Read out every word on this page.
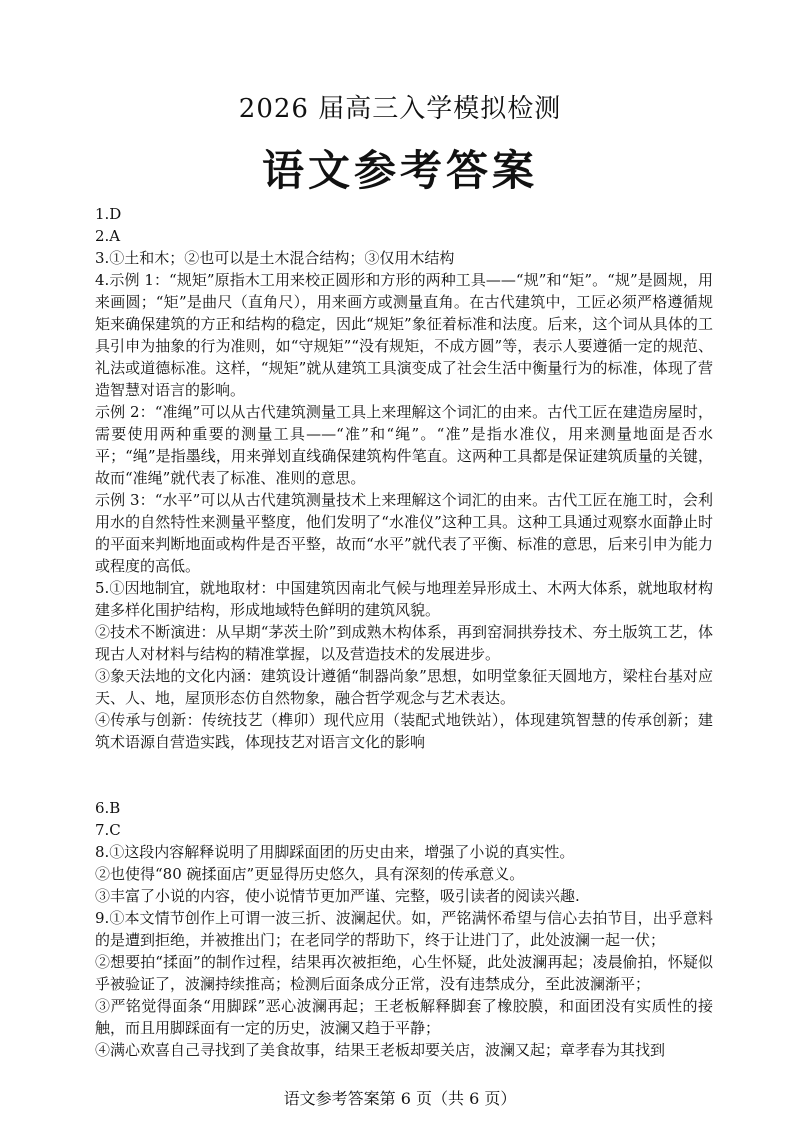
2026 届高三入学模拟检测
语文参考答案

1.D

2.A

3.①土和木；②也可以是土木混合结构；③仅用木结构

4.示例 1：“规矩”原指木工用来校正圆形和方形的两种工具——“规”和“矩”。“规”是圆规，用来画圆；“矩”是曲尺（直角尺），用来画方或测量直角。在古代建筑中，工匠必须严格遵循规矩来确保建筑的方正和结构的稳定，因此“规矩”象征着标准和法度。后来，这个词从具体的工具引申为抽象的行为准则，如“守规矩”“没有规矩，不成方圆”等，表示人要遵循一定的规范、礼法或道德标准。这样，“规矩”就从建筑工具演变成了社会生活中衡量行为的标准，体现了营造智慧对语言的影响。

示例 2：“准绳”可以从古代建筑测量工具上来理解这个词汇的由来。古代工匠在建造房屋时，需要使用两种重要的测量工具——“准”和“绳”。“准”是指水准仪，用来测量地面是否水平；“绳”是指墨线，用来弹划直线确保建筑构件笔直。这两种工具都是保证建筑质量的关键，故而“准绳”就代表了标准、准则的意思。

示例 3：“水平”可以从古代建筑测量技术上来理解这个词汇的由来。古代工匠在施工时，会利用水的自然特性来测量平整度，他们发明了“水准仪”这种工具。这种工具通过观察水面静止时的平面来判断地面或构件是否平整，故而“水平”就代表了平衡、标准的意思，后来引申为能力或程度的高低。

5.①因地制宜，就地取材：中国建筑因南北气候与地理差异形成土、木两大体系，就地取材构建多样化围护结构，形成地域特色鲜明的建筑风貌。

②技术不断演进：从早期“茅茨土阶”到成熟木构体系，再到窑洞拱券技术、夯土版筑工艺，体现古人对材料与结构的精准掌握，以及营造技术的发展进步。

③象天法地的文化内涵：建筑设计遵循“制器尚象”思想，如明堂象征天圆地方，梁柱台基对应天、人、地，屋顶形态仿自然物象，融合哲学观念与艺术表达。

④传承与创新：传统技艺（榫卯）现代应用（装配式地铁站），体现建筑智慧的传承创新；建筑术语源自营造实践，体现技艺对语言文化的影响

6.B

7.C

8.①这段内容解释说明了用脚踩面团的历史由来，增强了小说的真实性。

②也使得“80 碗揉面店”更显得历史悠久，具有深刻的传承意义。

③丰富了小说的内容，使小说情节更加严谨、完整，吸引读者的阅读兴趣.

9.①本文情节创作上可谓一波三折、波澜起伏。如，严铭满怀希望与信心去拍节目，出乎意料的是遭到拒绝，并被推出门；在老同学的帮助下，终于让进门了，此处波澜一起一伏；

②想要拍“揉面”的制作过程，结果再次被拒绝，心生怀疑，此处波澜再起；凌晨偷拍，怀疑似乎被验证了，波澜持续推高；检测后面条成分正常，没有违禁成分，至此波澜渐平；

③严铭觉得面条“用脚踩”恶心波澜再起；王老板解释脚套了橡胶膜，和面团没有实质性的接触，而且用脚踩面有一定的历史，波澜又趋于平静；

④满心欢喜自己寻找到了美食故事，结果王老板却要关店，波澜又起；章孝春为其找到

语文参考答案第 6 页（共 6 页）
